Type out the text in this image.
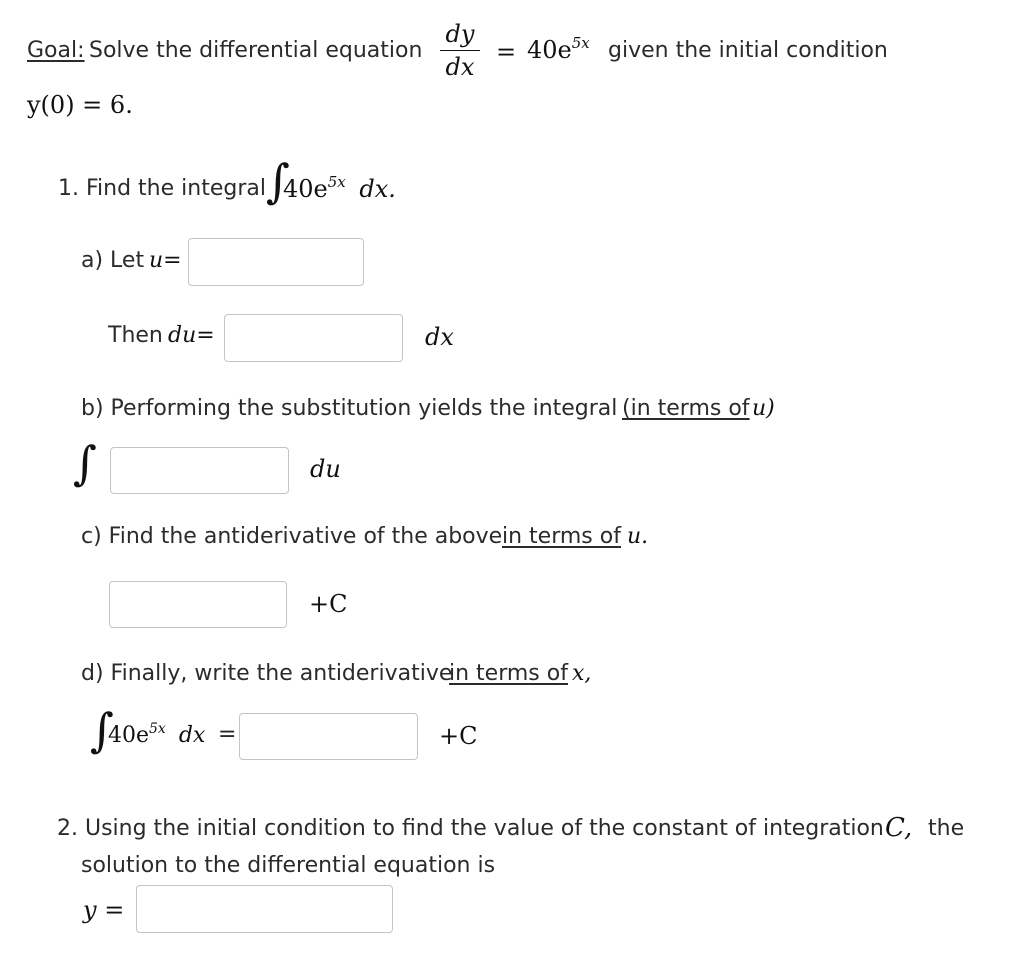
Goal: Solve the differential equation
dy
dx
= $40e^{5x}$ given the initial condition
y(0) = 6.
1. Find the integral ∫
$40e^{5x}$ dx.
a) Let u=
Then du=	dx
b) Performing the substitution yields the integral (in terms of u)
∫	du
c) Find the antiderivative of the above in terms of u.
+C
d) Finally, write the antiderivative
in terms of x,
∫
$40e^{5x}$ dx =	+C
2. Using the initial condition to find the value of the constant of integration C, the
solution to the differential equation is
y =
